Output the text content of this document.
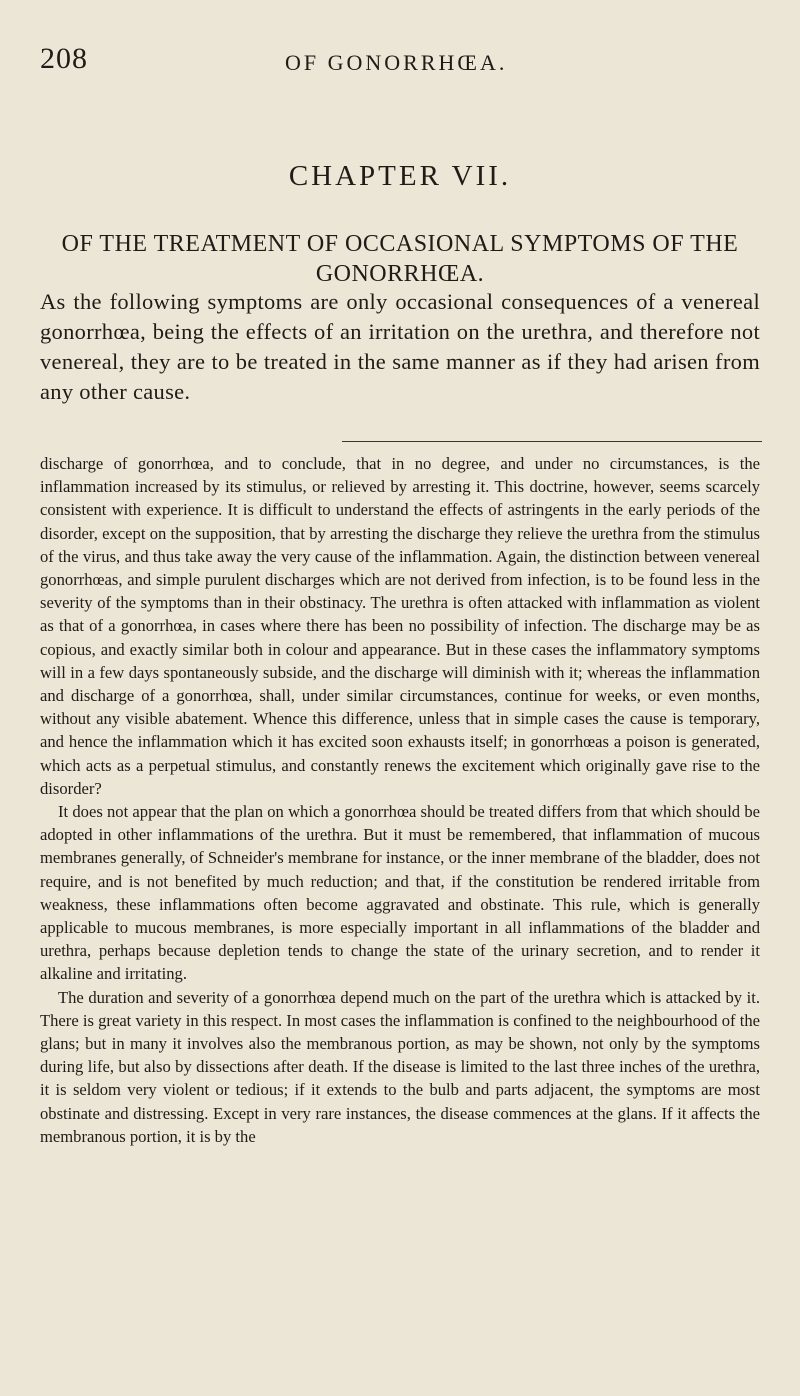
208	OF GONORRHŒA.
CHAPTER VII.
OF THE TREATMENT OF OCCASIONAL SYMPTOMS OF THE GONORRHŒA.
As the following symptoms are only occasional consequences of a venereal gonorrhœa, being the effects of an irritation on the urethra, and therefore not venereal, they are to be treated in the same manner as if they had arisen from any other cause.

discharge of gonorrhœa, and to conclude, that in no degree, and under no circumstances, is the inflammation increased by its stimulus, or relieved by arresting it. This doctrine, however, seems scarcely consistent with experience. It is difficult to understand the effects of astringents in the early periods of the disorder, except on the supposition, that by arresting the discharge they relieve the urethra from the stimulus of the virus, and thus take away the very cause of the inflammation. Again, the distinction between venereal gonorrhœas, and simple purulent discharges which are not derived from infection, is to be found less in the severity of the symptoms than in their obstinacy. The urethra is often attacked with inflammation as violent as that of a gonorrhœa, in cases where there has been no possibility of infection. The discharge may be as copious, and exactly similar both in colour and appearance. But in these cases the inflammatory symptoms will in a few days spontaneously subside, and the discharge will diminish with it; whereas the inflammation and discharge of a gonorrhœa, shall, under similar circumstances, continue for weeks, or even months, without any visible abatement. Whence this difference, unless that in simple cases the cause is temporary, and hence the inflammation which it has excited soon exhausts itself; in gonorrhœas a poison is generated, which acts as a perpetual stimulus, and constantly renews the excitement which originally gave rise to the disorder?

It does not appear that the plan on which a gonorrhœa should be treated differs from that which should be adopted in other inflammations of the urethra. But it must be remembered, that inflammation of mucous membranes generally, of Schneider's membrane for instance, or the inner membrane of the bladder, does not require, and is not benefited by much reduction; and that, if the constitution be rendered irritable from weakness, these inflammations often become aggravated and obstinate. This rule, which is generally applicable to mucous membranes, is more especially important in all inflammations of the bladder and urethra, perhaps because depletion tends to change the state of the urinary secretion, and to render it alkaline and irritating.

The duration and severity of a gonorrhœa depend much on the part of the urethra which is attacked by it. There is great variety in this respect. In most cases the inflammation is confined to the neighbourhood of the glans; but in many it involves also the membranous portion, as may be shown, not only by the symptoms during life, but also by dissections after death. If the disease is limited to the last three inches of the urethra, it is seldom very violent or tedious; if it extends to the bulb and parts adjacent, the symptoms are most obstinate and distressing. Except in very rare instances, the disease commences at the glans. If it affects the membranous portion, it is by the
